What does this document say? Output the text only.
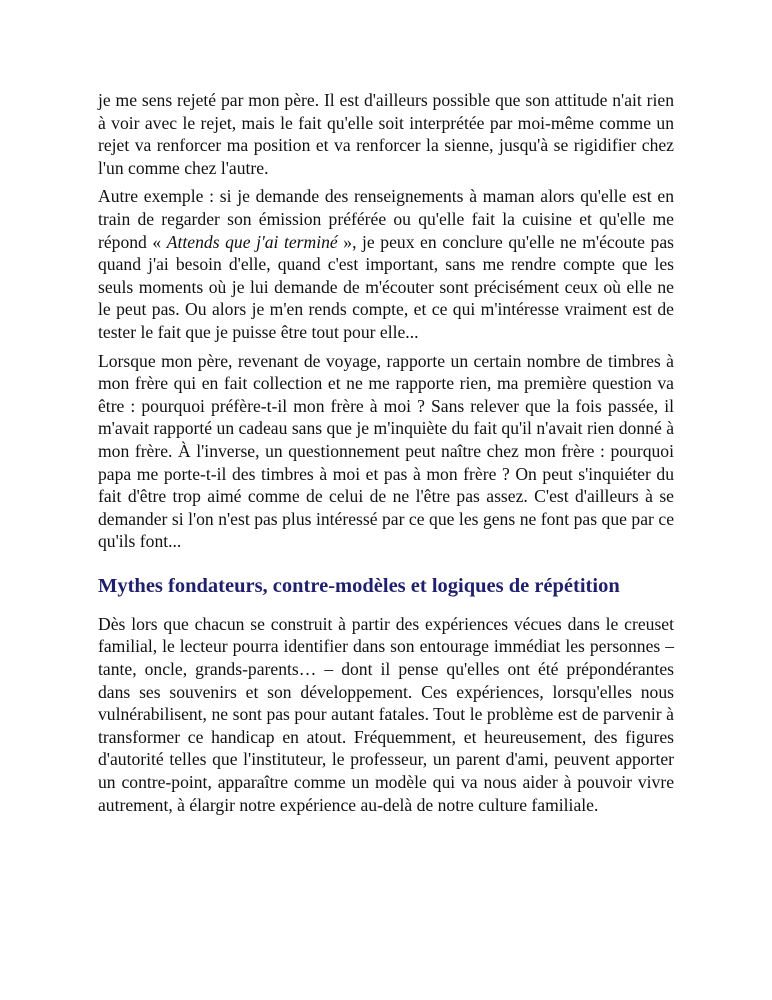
je me sens rejeté par mon père. Il est d'ailleurs possible que son attitude n'ait rien à voir avec le rejet, mais le fait qu'elle soit interprétée par moi-même comme un rejet va renforcer ma position et va renforcer la sienne, jusqu'à se rigidifier chez l'un comme chez l'autre.

Autre exemple : si je demande des renseignements à maman alors qu'elle est en train de regarder son émission préférée ou qu'elle fait la cuisine et qu'elle me répond « Attends que j'ai terminé », je peux en conclure qu'elle ne m'écoute pas quand j'ai besoin d'elle, quand c'est important, sans me rendre compte que les seuls moments où je lui demande de m'écouter sont précisément ceux où elle ne le peut pas. Ou alors je m'en rends compte, et ce qui m'intéresse vraiment est de tester le fait que je puisse être tout pour elle...

Lorsque mon père, revenant de voyage, rapporte un certain nombre de timbres à mon frère qui en fait collection et ne me rapporte rien, ma première question va être : pourquoi préfère-t-il mon frère à moi ? Sans relever que la fois passée, il m'avait rapporté un cadeau sans que je m'inquiète du fait qu'il n'avait rien donné à mon frère. À l'inverse, un questionnement peut naître chez mon frère : pourquoi papa me porte-t-il des timbres à moi et pas à mon frère ? On peut s'inquiéter du fait d'être trop aimé comme de celui de ne l'être pas assez. C'est d'ailleurs à se demander si l'on n'est pas plus intéressé par ce que les gens ne font pas que par ce qu'ils font...

Mythes fondateurs, contre-modèles et logiques de répétition

Dès lors que chacun se construit à partir des expériences vécues dans le creuset familial, le lecteur pourra identifier dans son entourage immédiat les personnes – tante, oncle, grands-parents… – dont il pense qu'elles ont été prépondérantes dans ses souvenirs et son développement. Ces expériences, lorsqu'elles nous vulnérabilisent, ne sont pas pour autant fatales. Tout le problème est de parvenir à transformer ce handicap en atout. Fréquemment, et heureusement, des figures d'autorité telles que l'instituteur, le professeur, un parent d'ami, peuvent apporter un contre-point, apparaître comme un modèle qui va nous aider à pouvoir vivre autrement, à élargir notre expérience au-delà de notre culture familiale.
